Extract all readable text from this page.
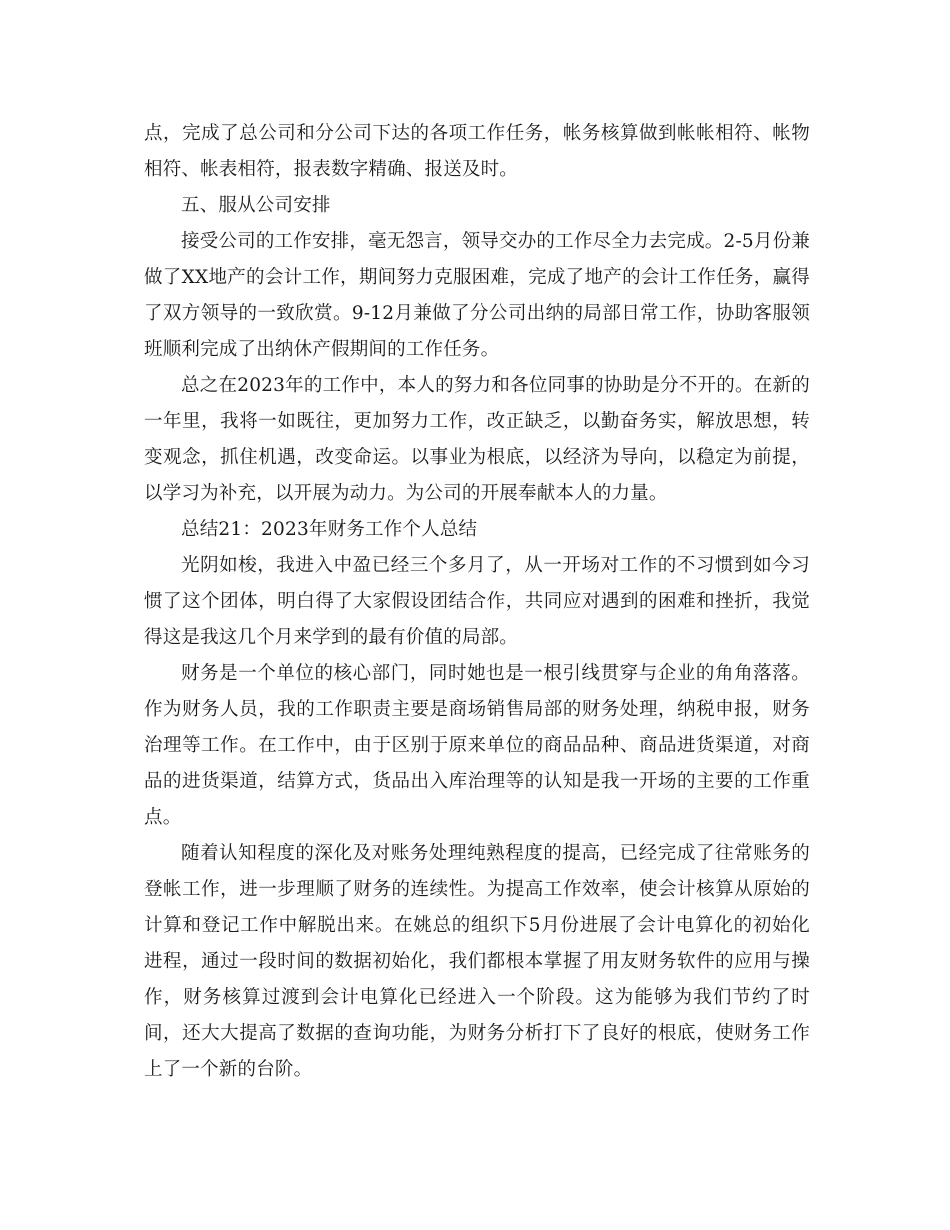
点，完成了总公司和分公司下达的各项工作任务，帐务核算做到帐帐相符、帐物相符、帐表相符，报表数字精确、报送及时。

五、服从公司安排

接受公司的工作安排，毫无怨言，领导交办的工作尽全力去完成。2-5月份兼做了XX地产的会计工作，期间努力克服困难，完成了地产的会计工作任务，赢得了双方领导的一致欣赏。9-12月兼做了分公司出纳的局部日常工作，协助客服领班顺利完成了出纳休产假期间的工作任务。

总之在2023年的工作中，本人的努力和各位同事的协助是分不开的。在新的一年里，我将一如既往，更加努力工作，改正缺乏，以勤奋务实，解放思想，转变观念，抓住机遇，改变命运。以事业为根底，以经济为导向，以稳定为前提，以学习为补充，以开展为动力。为公司的开展奉献本人的力量。

总结21：2023年财务工作个人总结

光阴如梭，我进入中盈已经三个多月了，从一开场对工作的不习惯到如今习惯了这个团体，明白得了大家假设团结合作，共同应对遇到的困难和挫折，我觉得这是我这几个月来学到的最有价值的局部。

财务是一个单位的核心部门，同时她也是一根引线贯穿与企业的角角落落。作为财务人员，我的工作职责主要是商场销售局部的财务处理，纳税申报，财务治理等工作。在工作中，由于区别于原来单位的商品品种、商品进货渠道，对商品的进货渠道，结算方式，货品出入库治理等的认知是我一开场的主要的工作重点。

随着认知程度的深化及对账务处理纯熟程度的提高，已经完成了往常账务的登帐工作，进一步理顺了财务的连续性。为提高工作效率，使会计核算从原始的计算和登记工作中解脱出来。在姚总的组织下5月份进展了会计电算化的初始化进程，通过一段时间的数据初始化，我们都根本掌握了用友财务软件的应用与操作，财务核算过渡到会计电算化已经进入一个阶段。这为能够为我们节约了时间，还大大提高了数据的查询功能，为财务分析打下了良好的根底，使财务工作上了一个新的台阶。
